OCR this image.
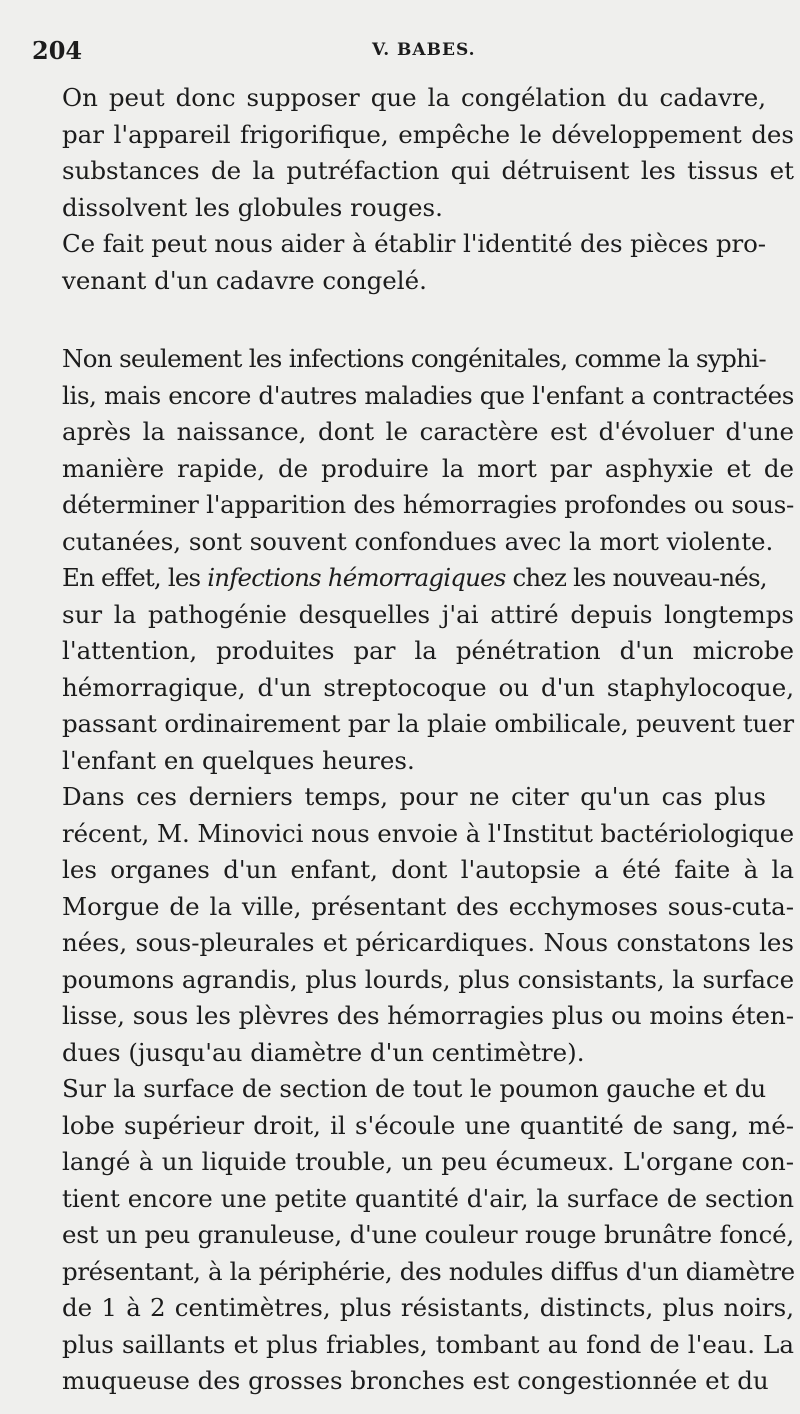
204	V. BABES.

On peut donc supposer que la congélation du cadavre,
par l'appareil frigorifique, empêche le développement des
substances de la putréfaction qui détruisent les tissus et
dissolvent les globules rouges.

Ce fait peut nous aider à établir l'identité des pièces pro-
venant d'un cadavre congelé.

Non seulement les infections congénitales, comme la syphi-
lis, mais encore d'autres maladies que l'enfant a contractées
après la naissance, dont le caractère est d'évoluer d'une
manière rapide, de produire la mort par asphyxie et de
déterminer l'apparition des hémorragies profondes ou sous-
cutanées, sont souvent confondues avec la mort violente.

En effet, les infections hémorragiques chez les nouveau-nés,
sur la pathogénie desquelles j'ai attiré depuis longtemps
l'attention, produites par la pénétration d'un microbe
hémorragique, d'un streptocoque ou d'un staphylocoque,
passant ordinairement par la plaie ombilicale, peuvent tuer
l'enfant en quelques heures.

Dans ces derniers temps, pour ne citer qu'un cas plus
récent, M. Minovici nous envoie à l'Institut bactériologique
les organes d'un enfant, dont l'autopsie a été faite à la
Morgue de la ville, présentant des ecchymoses sous-cuta-
nées, sous-pleurales et péricardiques. Nous constatons les
poumons agrandis, plus lourds, plus consistants, la surface
lisse, sous les plèvres des hémorragies plus ou moins éten-
dues (jusqu'au diamètre d'un centimètre).

Sur la surface de section de tout le poumon gauche et du
lobe supérieur droit, il s'écoule une quantité de sang, mé-
langé à un liquide trouble, un peu écumeux. L'organe con-
tient encore une petite quantité d'air, la surface de section
est un peu granuleuse, d'une couleur rouge brunâtre foncé,
présentant, à la périphérie, des nodules diffus d'un diamètre
de 1 à 2 centimètres, plus résistants, distincts, plus noirs,
plus saillants et plus friables, tombant au fond de l'eau. La
muqueuse des grosses bronches est congestionnée et du
